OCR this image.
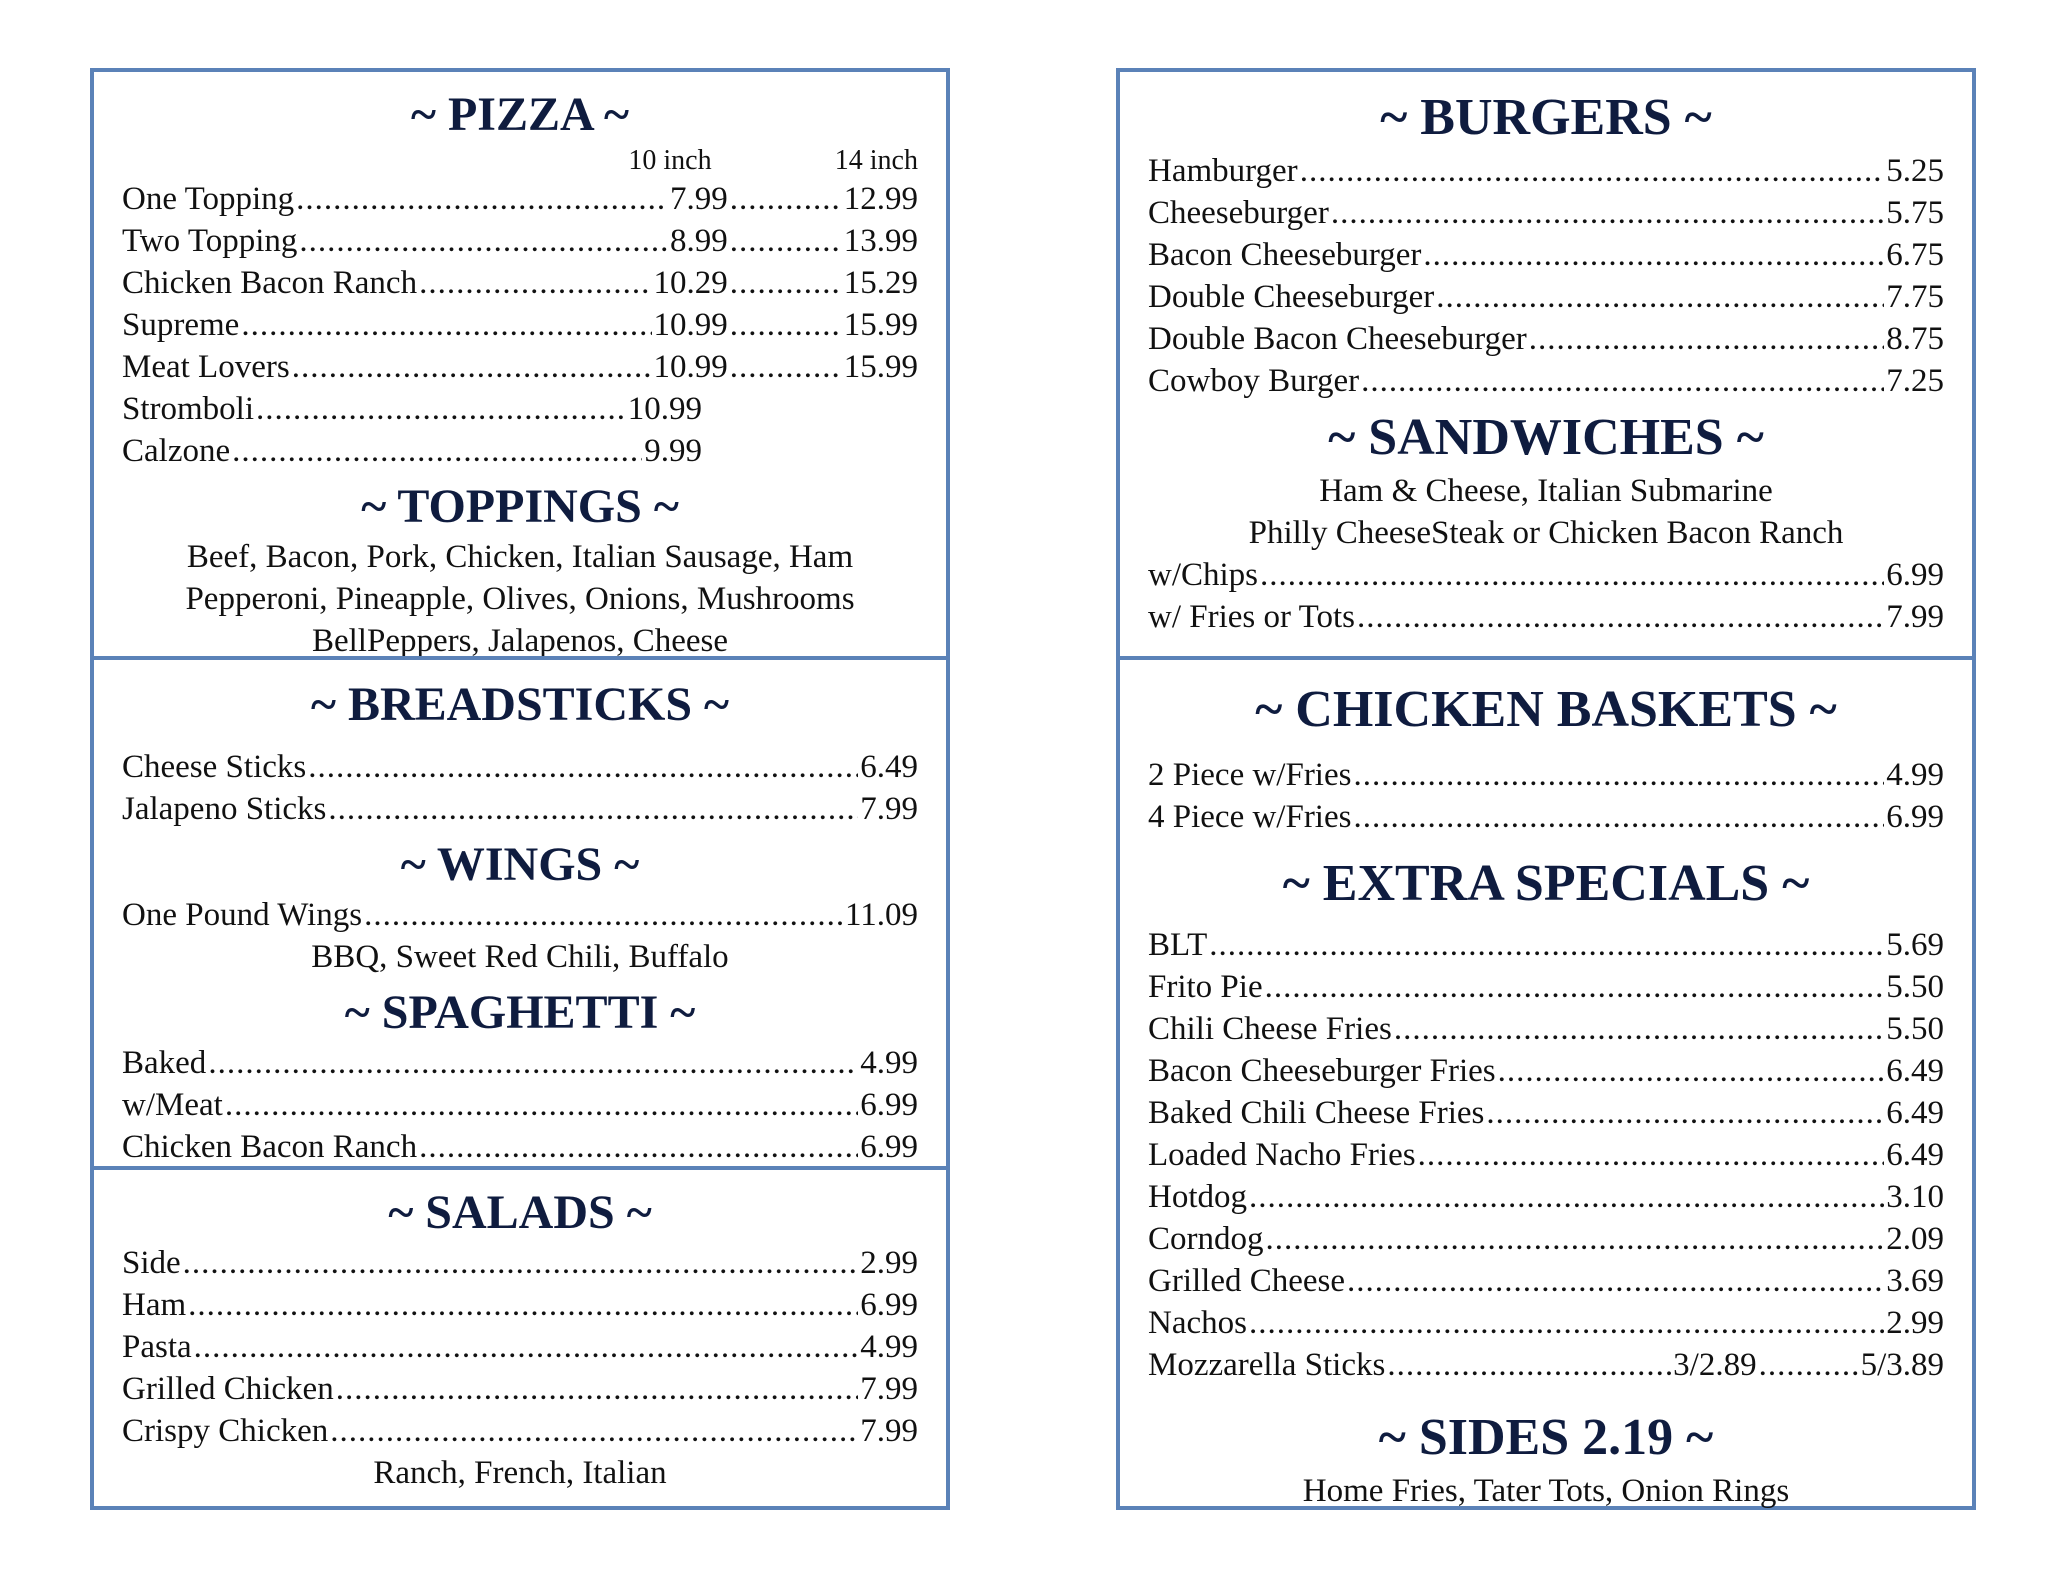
~ PIZZA ~
10 inch	14 inch
One Topping .....	7.99 .....	12.99
Two Topping .....	8.99 .....	13.99
Chicken Bacon Ranch .....	10.29 .....	15.29
Supreme .....	10.99 .....	15.99
Meat Lovers .....	10.99 .....	15.99
Stromboli .....	10.99
Calzone .....	9.99
~ TOPPINGS ~
Beef, Bacon, Pork, Chicken, Italian Sausage, Ham
Pepperoni, Pineapple, Olives, Onions, Mushrooms
BellPeppers, Jalapenos, Cheese
~ BREADSTICKS ~
Cheese Sticks .....	6.49
Jalapeno Sticks .....	7.99
~ WINGS ~
One Pound Wings .....	11.09
BBQ, Sweet Red Chili, Buffalo
~ SPAGHETTI ~
Baked .....	4.99
w/Meat .....	6.99
Chicken Bacon Ranch .....	6.99
~ SALADS ~
Side .....	2.99
Ham .....	6.99
Pasta .....	4.99
Grilled Chicken .....	7.99
Crispy Chicken .....	7.99
Ranch, French, Italian
~ BURGERS ~
Hamburger .....	5.25
Cheeseburger .....	5.75
Bacon Cheeseburger .....	6.75
Double Cheeseburger .....	7.75
Double Bacon Cheeseburger .....	8.75
Cowboy Burger .....	7.25
~ SANDWICHES ~
Ham & Cheese, Italian Submarine
Philly CheeseSteak or Chicken Bacon Ranch
w/Chips .....	6.99
w/ Fries or Tots .....	7.99
~ CHICKEN BASKETS ~
2 Piece w/Fries .....	4.99
4 Piece w/Fries .....	6.99
~ EXTRA SPECIALS ~
BLT .....	5.69
Frito Pie .....	5.50
Chili Cheese Fries .....	5.50
Bacon Cheeseburger Fries .....	6.49
Baked Chili Cheese Fries .....	6.49
Loaded Nacho Fries .....	6.49
Hotdog .....	3.10
Corndog .....	2.09
Grilled Cheese .....	3.69
Nachos .....	2.99
Mozzarella Sticks .....	3/2.89 .....	5/3.89
~ SIDES 2.19 ~
Home Fries, Tater Tots, Onion Rings
